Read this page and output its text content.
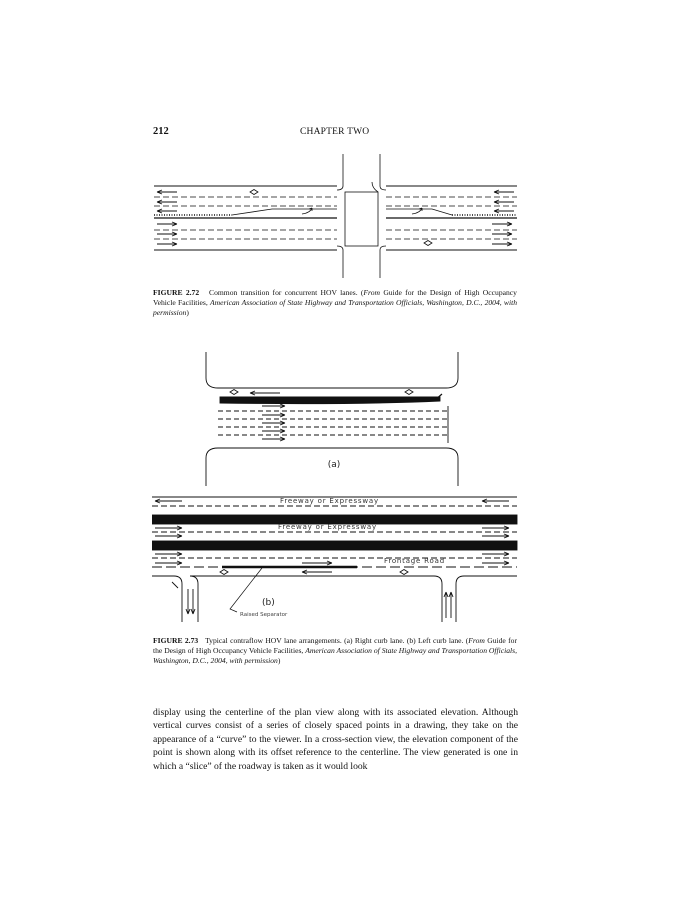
212	CHAPTER TWO
FIGURE 2.72 Common transition for concurrent HOV lanes. (From Guide for the Design of High Occupancy Vehicle Facilities, American Association of State Highway and Transportation Officials, Washington, D.C., 2004, with permission)
(a)
Freeway or Expressway
Freeway or Expressway
Frontage Road
(b)
Raised Separator
FIGURE 2.73 Typical contraflow HOV lane arrangements. (a) Right curb lane. (b) Left curb lane. (From Guide for the Design of High Occupancy Vehicle Facilities, American Association of State Highway and Transportation Officials, Washington, D.C., 2004, with permission)

display using the centerline of the plan view along with its associated elevation. Although vertical curves consist of a series of closely spaced points in a drawing, they take on the appearance of a “curve” to the viewer. In a cross-section view, the elevation component of the point is shown along with its offset reference to the centerline. The view generated is one in which a “slice” of the roadway is taken as it would look
